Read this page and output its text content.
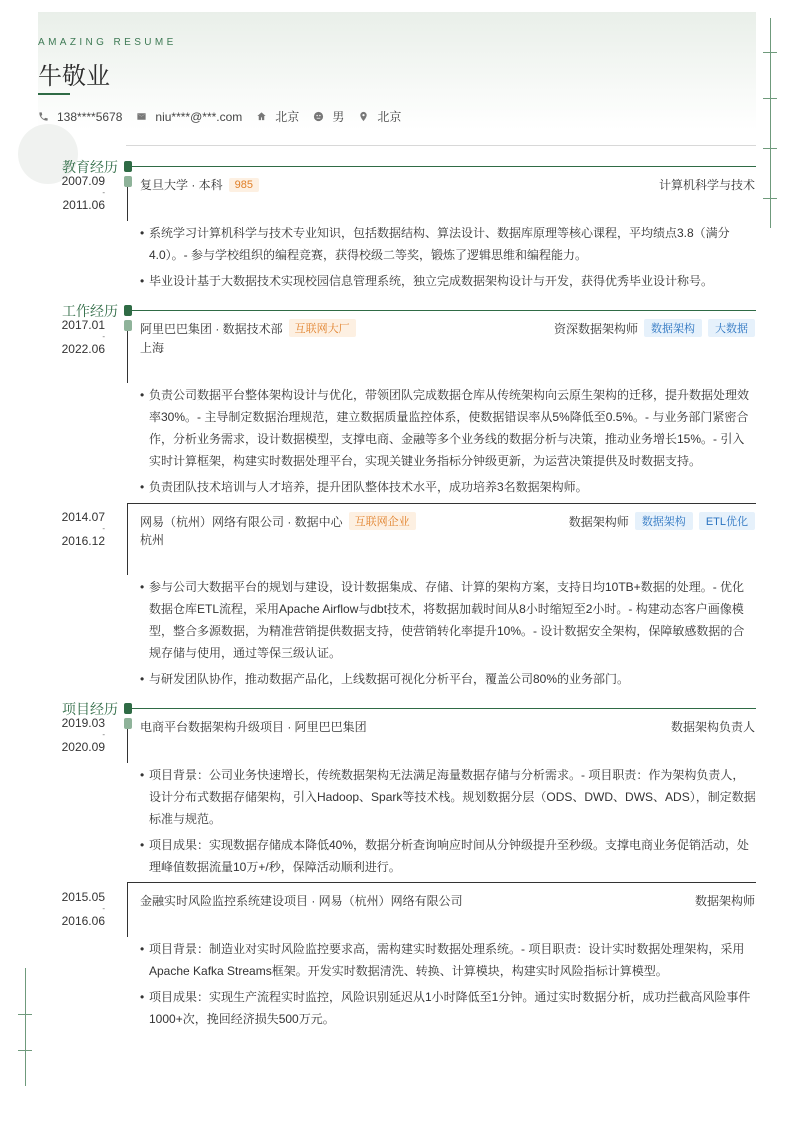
AMAZING RESUME
牛敬业
138****5678	niu****@***.com	北京	男	北京
教育经历
2007.09
-
2011.06
复旦大学 · 本科	985	计算机科学与技术
• 系统学习计算机科学与技术专业知识，包括数据结构、算法设计、数据库原理等核心课程，平均绩点3.8（满分4.0）。- 参与学校组织的编程竞赛，获得校级二等奖，锻炼了逻辑思维和编程能力。
• 毕业设计基于大数据技术实现校园信息管理系统，独立完成数据架构设计与开发，获得优秀毕业设计称号。
工作经历
2017.01
-
2022.06
阿里巴巴集团 · 数据技术部	互联网大厂	资深数据架构师	数据架构	大数据
上海
• 负责公司数据平台整体架构设计与优化，带领团队完成数据仓库从传统架构向云原生架构的迁移，提升数据处理效率30%。- 主导制定数据治理规范，建立数据质量监控体系，使数据错误率从5%降低至0.5%。- 与业务部门紧密合作，分析业务需求，设计数据模型，支撑电商、金融等多个业务线的数据分析与决策，推动业务增长15%。- 引入实时计算框架，构建实时数据处理平台，实现关键业务指标分钟级更新，为运营决策提供及时数据支持。
• 负责团队技术培训与人才培养，提升团队整体技术水平，成功培养3名数据架构师。
2014.07
-
2016.12
网易（杭州）网络有限公司 · 数据中心	互联网企业	数据架构师	数据架构	ETL优化
杭州
• 参与公司大数据平台的规划与建设，设计数据集成、存储、计算的架构方案，支持日均10TB+数据的处理。- 优化数据仓库ETL流程，采用Apache Airflow与dbt技术，将数据加载时间从8小时缩短至2小时。- 构建动态客户画像模型，整合多源数据，为精准营销提供数据支持，使营销转化率提升10%。- 设计数据安全架构，保障敏感数据的合规存储与使用，通过等保三级认证。
• 与研发团队协作，推动数据产品化，上线数据可视化分析平台，覆盖公司80%的业务部门。
项目经历
2019.03
-
2020.09
电商平台数据架构升级项目 · 阿里巴巴集团	数据架构负责人
• 项目背景：公司业务快速增长，传统数据架构无法满足海量数据存储与分析需求。- 项目职责：作为架构负责人，设计分布式数据存储架构，引入Hadoop、Spark等技术栈。规划数据分层（ODS、DWD、DWS、ADS），制定数据标准与规范。
• 项目成果：实现数据存储成本降低40%，数据分析查询响应时间从分钟级提升至秒级。支撑电商业务促销活动，处理峰值数据流量10万+/秒，保障活动顺利进行。
2015.05
-
2016.06
金融实时风险监控系统建设项目 · 网易（杭州）网络有限公司	数据架构师
• 项目背景：制造业对实时风险监控要求高，需构建实时数据处理系统。- 项目职责：设计实时数据处理架构，采用Apache Kafka Streams框架。开发实时数据清洗、转换、计算模块，构建实时风险指标计算模型。
• 项目成果：实现生产流程实时监控，风险识别延迟从1小时降低至1分钟。通过实时数据分析，成功拦截高风险事件1000+次，挽回经济损失500万元。
